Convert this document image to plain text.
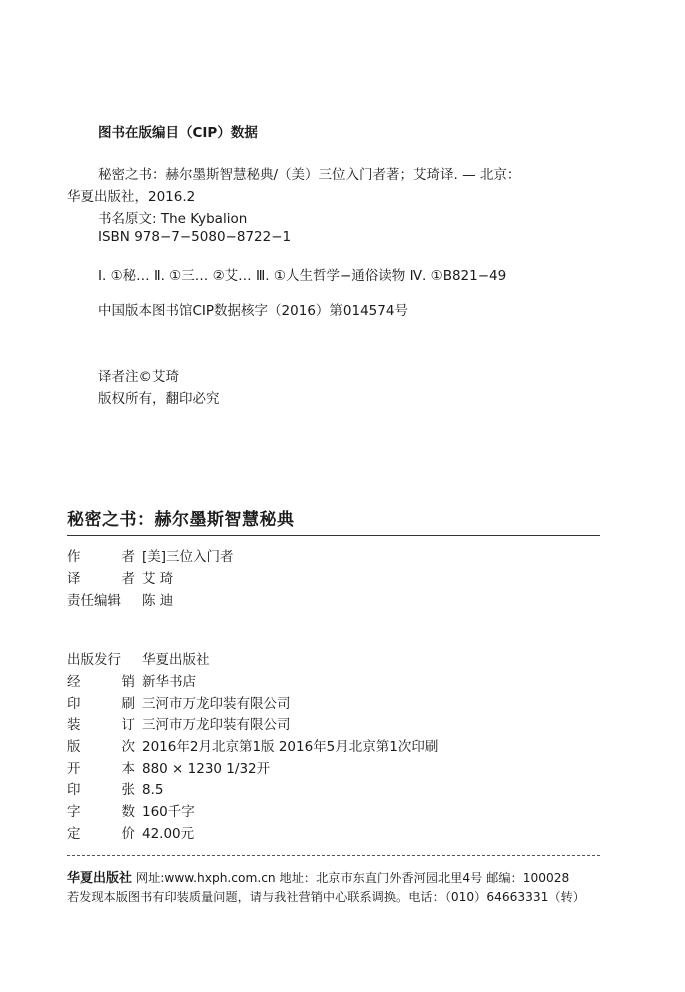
图书在版编目（CIP）数据
秘密之书：赫尔墨斯智慧秘典/（美）三位入门者著；艾琦译. — 北京：
华夏出版社，2016.2
书名原文: The Kybalion
ISBN 978−7−5080−8722−1
Ⅰ. ①秘… Ⅱ. ①三… ②艾… Ⅲ. ①人生哲学−通俗读物 Ⅳ. ①B821−49
中国版本图书馆CIP数据核字（2016）第014574号
译者注©艾琦
版权所有，翻印必究
秘密之书：赫尔墨斯智慧秘典
作	者 [美]三位入门者
译	者 艾 琦
责任编辑	陈 迪
出版发行	华夏出版社
经	销 新华书店
印	刷 三河市万龙印装有限公司
装	订 三河市万龙印装有限公司
版	次 2016年2月北京第1版 2016年5月北京第1次印刷
开	本 880 × 1230 1/32开
印	张 8.5
字	数 160千字
定	价 42.00元
华夏出版社 网址:www.hxph.com.cn 地址：北京市东直门外香河园北里4号 邮编：100028
若发现本版图书有印装质量问题，请与我社营销中心联系调换。电话：（010）64663331（转）
